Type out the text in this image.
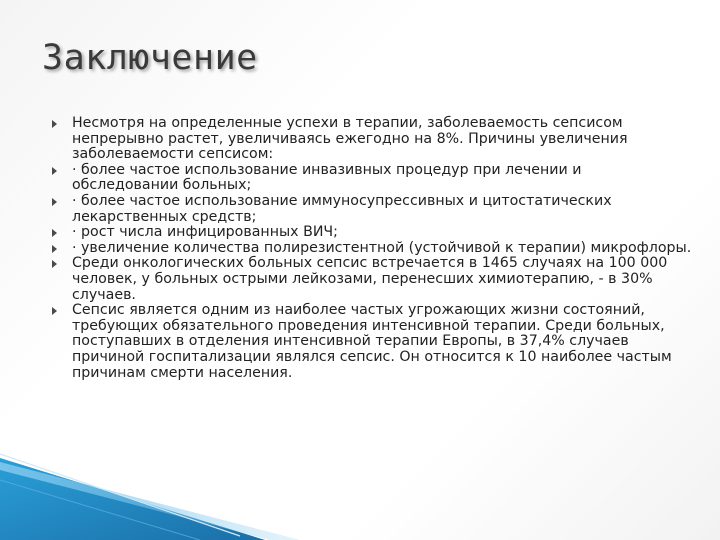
Заключение
Несмотря на определенные успехи в терапии, заболеваемость сепсисом непрерывно растет, увеличиваясь ежегодно на 8%. Причины увеличения заболеваемости сепсисом:
· более частое использование инвазивных процедур при лечении и обследовании больных;
· более частое использование иммуносупрессивных и цитостатических лекарственных средств;
· рост числа инфицированных ВИЧ;
· увеличение количества полирезистентной (устойчивой к терапии) микрофлоры.
Среди онкологических больных сепсис встречается в 1465 случаях на 100 000 человек, у больных острыми лейкозами, перенесших химиотерапию, - в 30% случаев.
Сепсис является одним из наиболее частых угрожающих жизни состояний, требующих обязательного проведения интенсивной терапии. Среди больных, поступавших в отделения интенсивной терапии Европы, в 37,4% случаев причиной госпитализации являлся сепсис. Он относится к 10 наиболее частым причинам смерти населения.
